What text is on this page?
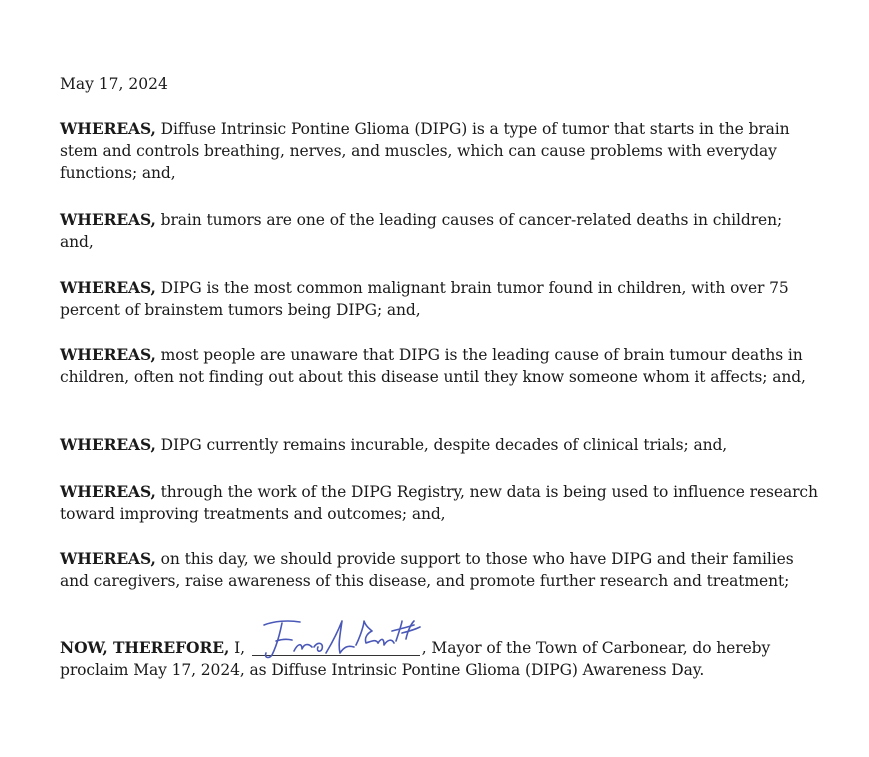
May 17, 2024

WHEREAS, Diffuse Intrinsic Pontine Glioma (DIPG) is a type of tumor that starts in the brain stem and controls breathing, nerves, and muscles, which can cause problems with everyday functions; and,

WHEREAS, brain tumors are one of the leading causes of cancer-related deaths in children; and,

WHEREAS, DIPG is the most common malignant brain tumor found in children, with over 75 percent of brainstem tumors being DIPG; and,

WHEREAS, most people are unaware that DIPG is the leading cause of brain tumour deaths in children, often not finding out about this disease until they know someone whom it affects; and,

WHEREAS, DIPG currently remains incurable, despite decades of clinical trials; and,

WHEREAS, through the work of the DIPG Registry, new data is being used to influence research toward improving treatments and outcomes; and,

WHEREAS, on this day, we should provide support to those who have DIPG and their families and caregivers, raise awareness of this disease, and promote further research and treatment;

NOW, THEREFORE, I,	, Mayor of the Town of Carbonear, do hereby proclaim May 17, 2024, as Diffuse Intrinsic Pontine Glioma (DIPG) Awareness Day.
